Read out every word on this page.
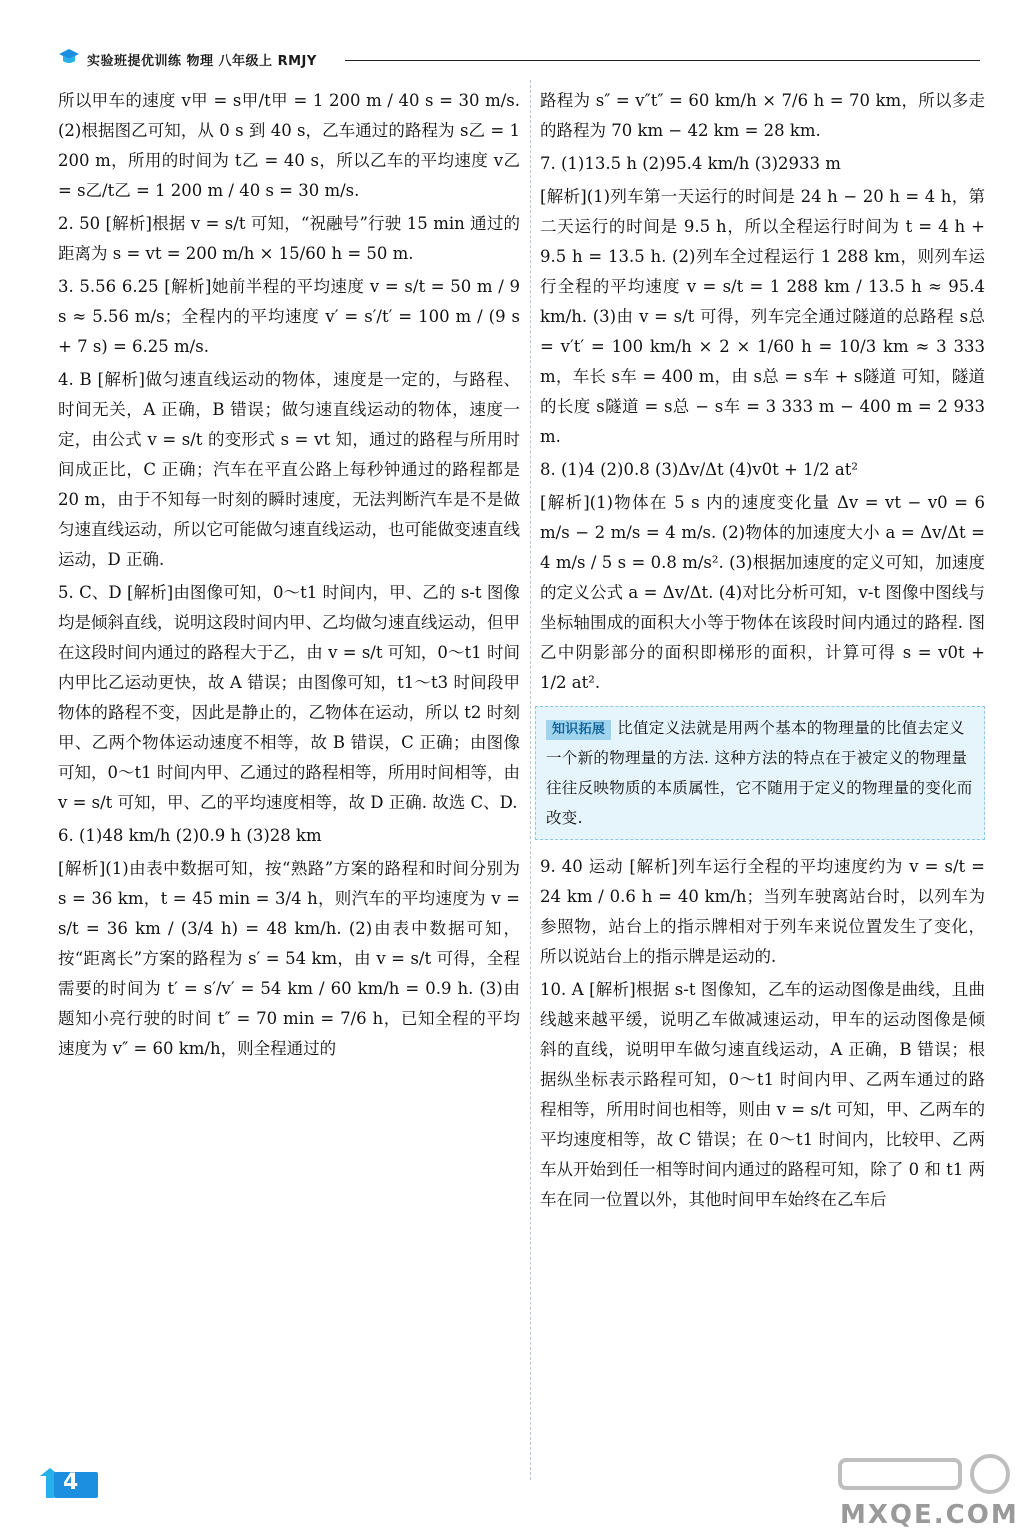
实验班提优训练 物理 八年级上 RMJY

所以甲车的速度 v甲 = s甲/t甲 = 1 200 m / 40 s = 30 m/s. (2)根据图乙可知，从 0 s 到 40 s，乙车通过的路程为 s乙 = 1 200 m，所用的时间为 t乙 = 40 s，所以乙车的平均速度 v乙 = s乙/t乙 = 1 200 m / 40 s = 30 m/s.

2. 50 [解析]根据 v = s/t 可知，“祝融号”行驶 15 min 通过的距离为 s = vt = 200 m/h × 15/60 h = 50 m.

3. 5.56 6.25 [解析]她前半程的平均速度 v = s/t = 50 m / 9 s ≈ 5.56 m/s；全程内的平均速度 v′ = s′/t′ = 100 m / (9 s + 7 s) = 6.25 m/s.

4. B [解析]做匀速直线运动的物体，速度是一定的，与路程、时间无关，A 正确，B 错误；做匀速直线运动的物体，速度一定，由公式 v = s/t 的变形式 s = vt 知，通过的路程与所用时间成正比，C 正确；汽车在平直公路上每秒钟通过的路程都是 20 m，由于不知每一时刻的瞬时速度，无法判断汽车是不是做匀速直线运动，所以它可能做匀速直线运动，也可能做变速直线运动，D 正确.

5. C、D [解析]由图像可知，0～t1 时间内，甲、乙的 s-t 图像均是倾斜直线，说明这段时间内甲、乙均做匀速直线运动，但甲在这段时间内通过的路程大于乙，由 v = s/t 可知，0～t1 时间内甲比乙运动更快，故 A 错误；由图像可知，t1～t3 时间段甲物体的路程不变，因此是静止的，乙物体在运动，所以 t2 时刻甲、乙两个物体运动速度不相等，故 B 错误，C 正确；由图像可知，0～t1 时间内甲、乙通过的路程相等，所用时间相等，由 v = s/t 可知，甲、乙的平均速度相等，故 D 正确. 故选 C、D.

6. (1)48 km/h (2)0.9 h (3)28 km

[解析](1)由表中数据可知，按“熟路”方案的路程和时间分别为 s = 36 km，t = 45 min = 3/4 h，则汽车的平均速度为 v = s/t = 36 km / (3/4 h) = 48 km/h. (2)由表中数据可知，按“距离长”方案的路程为 s′ = 54 km，由 v = s/t 可得，全程需要的时间为 t′ = s′/v′ = 54 km / 60 km/h = 0.9 h. (3)由题知小亮行驶的时间 t″ = 70 min = 7/6 h，已知全程的平均速度为 v″ = 60 km/h，则全程通过的

路程为 s″ = v″t″ = 60 km/h × 7/6 h = 70 km，所以多走的路程为 70 km − 42 km = 28 km.

7. (1)13.5 h (2)95.4 km/h (3)2933 m

[解析](1)列车第一天运行的时间是 24 h − 20 h = 4 h，第二天运行的时间是 9.5 h，所以全程运行时间为 t = 4 h + 9.5 h = 13.5 h. (2)列车全过程运行 1 288 km，则列车运行全程的平均速度 v = s/t = 1 288 km / 13.5 h ≈ 95.4 km/h. (3)由 v = s/t 可得，列车完全通过隧道的总路程 s总 = v′t′ = 100 km/h × 2 × 1/60 h = 10/3 km ≈ 3 333 m，车长 s车 = 400 m，由 s总 = s车 + s隧道 可知，隧道的长度 s隧道 = s总 − s车 = 3 333 m − 400 m = 2 933 m.

8. (1)4 (2)0.8 (3)Δv/Δt (4)v0t + 1/2 at²

[解析](1)物体在 5 s 内的速度变化量 Δv = vt − v0 = 6 m/s − 2 m/s = 4 m/s. (2)物体的加速度大小 a = Δv/Δt = 4 m/s / 5 s = 0.8 m/s². (3)根据加速度的定义可知，加速度的定义公式 a = Δv/Δt. (4)对比分析可知，v-t 图像中图线与坐标轴围成的面积大小等于物体在该段时间内通过的路程. 图乙中阴影部分的面积即梯形的面积，计算可得 s = v0t + 1/2 at².

知识拓展 比值定义法就是用两个基本的物理量的比值去定义一个新的物理量的方法. 这种方法的特点在于被定义的物理量往往反映物质的本质属性，它不随用于定义的物理量的变化而改变.

9. 40 运动 [解析]列车运行全程的平均速度约为 v = s/t = 24 km / 0.6 h = 40 km/h；当列车驶离站台时，以列车为参照物，站台上的指示牌相对于列车来说位置发生了变化，所以说站台上的指示牌是运动的.

10. A [解析]根据 s-t 图像知，乙车的运动图像是曲线，且曲线越来越平缓，说明乙车做减速运动，甲车的运动图像是倾斜的直线，说明甲车做匀速直线运动，A 正确，B 错误；根据纵坐标表示路程可知，0～t1 时间内甲、乙两车通过的路程相等，所用时间也相等，则由 v = s/t 可知，甲、乙两车的平均速度相等，故 C 错误；在 0～t1 时间内，比较甲、乙两车从开始到任一相等时间内通过的路程可知，除了 0 和 t1 两车在同一位置以外，其他时间甲车始终在乙车后

4
MXQE.COM
